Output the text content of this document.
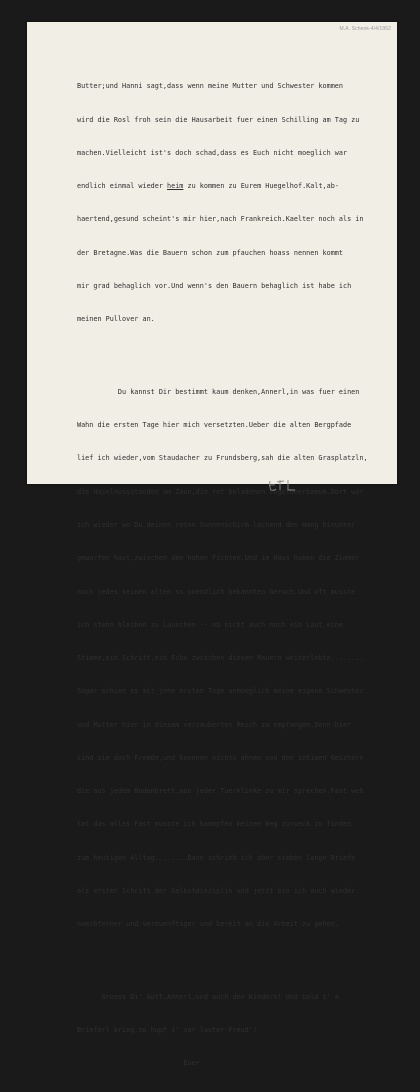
M.A. Schenk-4/4/1952

Butter;und Hanni sagt,dass wenn meine Mutter und Schwester kommen

wird die Rosl froh sein die Hausarbeit fuer einen Schilling am Tag zu

machen.Vielleicht ist's doch schad,dass es Euch nicht moeglich war

endlich einmal wieder heim zu kommen zu Eurem Huegelhof.Kalt,ab-

haertend,gesund scheint's mir hier,nach Frankreich.Kaelter noch als in

der Bretagne.Was die Bauern schon zum pfauchen hoass nennen kommt

mir grad behaglich vor.Und wenn's den Bauern behaglich ist habe ich

meinen Pullover an.

Du kannst Dir bestimmt kaum denken,Annerl,in was fuer einen

Wahn die ersten Tage hier mich versetzten.Ueber die alten Bergpfade

lief ich wieder,vom Staudacher zu Frundsberg,sah die alten Grasplatzln,

die Haselnussstauden am Zaun,die rot beladenen Vogelbeerbaeum.Dort war

ich wieder wo Du deinen roten Sonnenschirm lachend den Hang hinunter

geworfen hast,zwischen den hohen Fichten.Und im Haus haben die Zimmer

noch jedes seinen alten so unendlich bekannten Geruch.Und oft musste

ich stehn bleiben zu lauschen -- ob nicht auch noch ein Laut,eine

Stimme,ein Schritt,ein Echo zwischen diesen Mauern weiterlebte........

Sogar schien es mir jene ersten Tage unmoeglich meine eigene Schwester

und Mutter hier in diesem verzauberten Reich zu empfangen.Denn hier

sind sie doch Fremde,und koennen nichts ahnen von den intimen Geistern

die aus jedem Bodenbrett,aus jeder Tuerklinke zu mir sprechen.Fast weh

tat das alles.Fast musste ich kaempfen meinen Weg zurueck zu finden

zum heutigen Alltag........Dann schrieb ich aber sieben lange Briefe

als ersten Schritt der Selbstdisziplin und jetzt bin ich auch wieder

nuechterner und vernuenftiger und bereit an die Arbeit zu gehen.

Gruess Di' Gott,Annerl,und auch den Kindern! Und bald i' a

Brieferl krieg,so hupf i' vor lauter Freud'!

Euer
